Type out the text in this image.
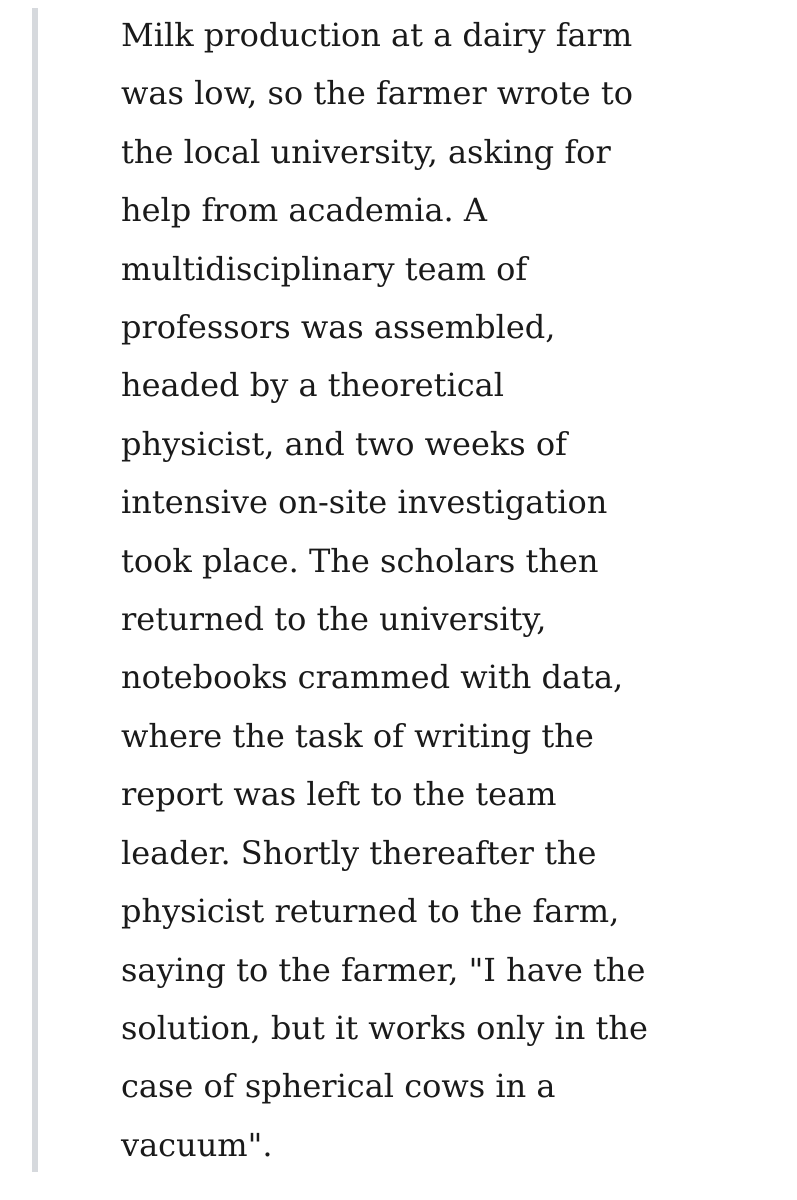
Milk production at a dairy farm
was low, so the farmer wrote to
the local university, asking for
help from academia. A
multidisciplinary team of
professors was assembled,
headed by a theoretical
physicist, and two weeks of
intensive on-site investigation
took place. The scholars then
returned to the university,
notebooks crammed with data,
where the task of writing the
report was left to the team
leader. Shortly thereafter the
physicist returned to the farm,
saying to the farmer, "I have the
solution, but it works only in the
case of spherical cows in a
vacuum".
